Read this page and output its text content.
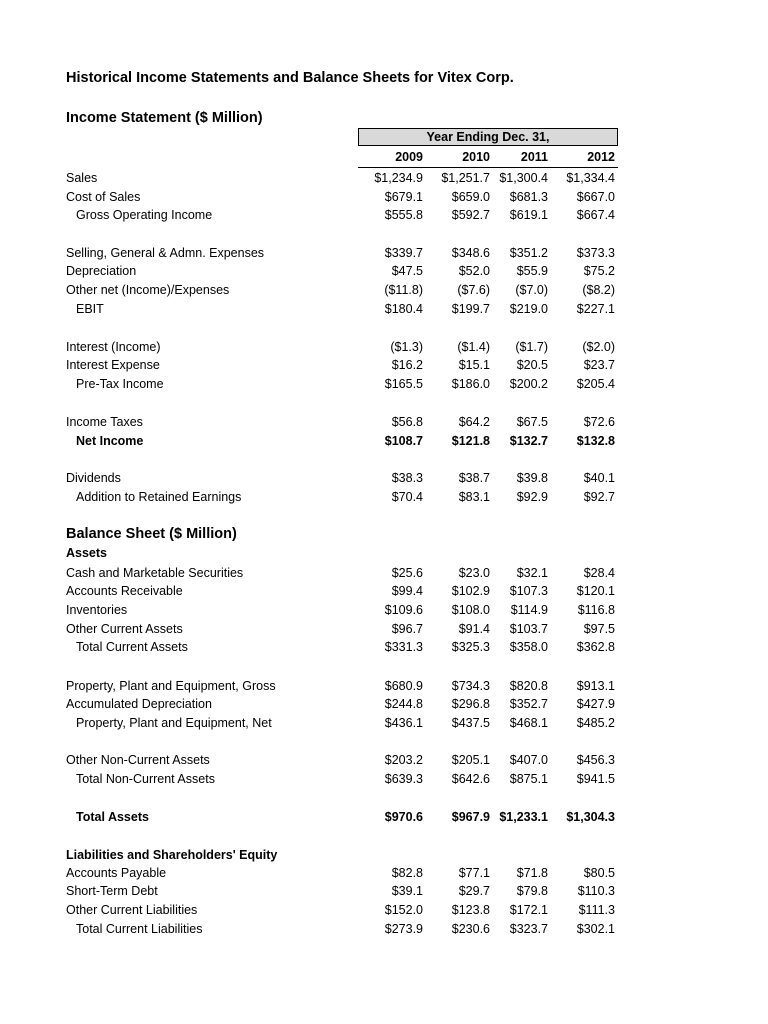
Historical Income Statements and Balance Sheets for Vitex Corp.
Income Statement ($ Million)
Year Ending Dec. 31,
2009	2010	2011	2012
Sales	$1,234.9	$1,251.7 $1,300.4	$1,334.4
Cost of Sales	$679.1	$659.0	$681.3	$667.0
Gross Operating Income	$555.8	$592.7	$619.1	$667.4
Selling, General & Admn. Expenses	$339.7	$348.6	$351.2	$373.3
Depreciation	$47.5	$52.0	$55.9	$75.2
Other net (Income)/Expenses	($11.8)	($7.6)	($7.0)	($8.2)
EBIT	$180.4	$199.7	$219.0	$227.1
Interest (Income)	($1.3)	($1.4)	($1.7)	($2.0)
Interest Expense	$16.2	$15.1	$20.5	$23.7
Pre-Tax Income	$165.5	$186.0	$200.2	$205.4
Income Taxes	$56.8	$64.2	$67.5	$72.6
Net Income	$108.7	$121.8	$132.7	$132.8
Dividends	$38.3	$38.7	$39.8	$40.1
Addition to Retained Earnings	$70.4	$83.1	$92.9	$92.7
Balance Sheet ($ Million)
Assets
Cash and Marketable Securities	$25.6	$23.0	$32.1	$28.4
Accounts Receivable	$99.4	$102.9	$107.3	$120.1
Inventories	$109.6	$108.0	$114.9	$116.8
Other Current Assets	$96.7	$91.4	$103.7	$97.5
Total Current Assets	$331.3	$325.3	$358.0	$362.8
Property, Plant and Equipment, Gross	$680.9	$734.3	$820.8	$913.1
Accumulated Depreciation	$244.8	$296.8	$352.7	$427.9
Property, Plant and Equipment, Net	$436.1	$437.5	$468.1	$485.2
Other Non-Current Assets	$203.2	$205.1	$407.0	$456.3
Total Non-Current Assets	$639.3	$642.6	$875.1	$941.5
Total Assets	$970.6	$967.9 $1,233.1	$1,304.3
Liabilities and Shareholders' Equity
Accounts Payable	$82.8	$77.1	$71.8	$80.5
Short-Term Debt	$39.1	$29.7	$79.8	$110.3
Other Current Liabilities	$152.0	$123.8	$172.1	$111.3
Total Current Liabilities	$273.9	$230.6	$323.7	$302.1
